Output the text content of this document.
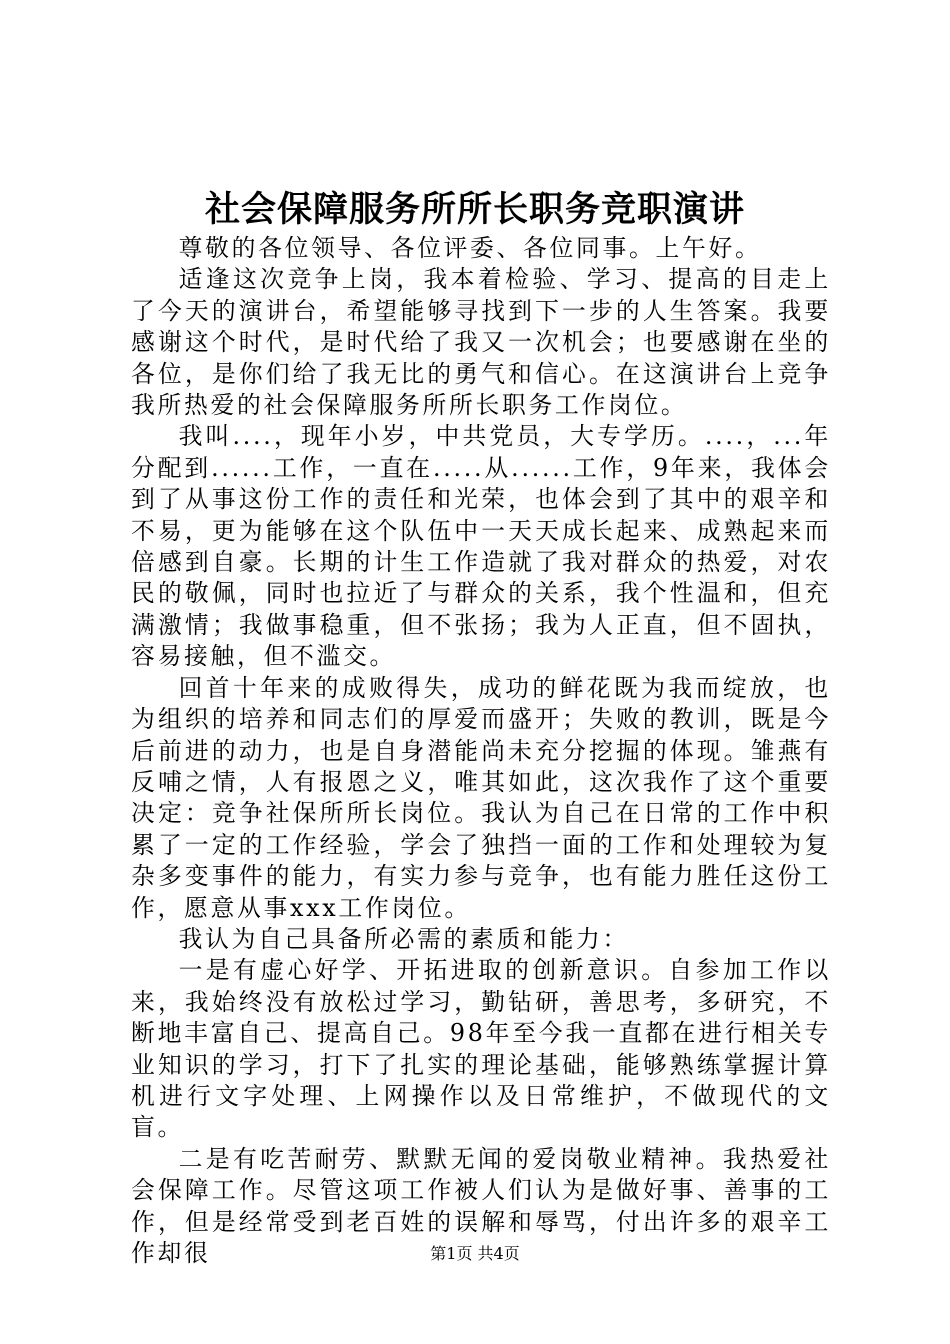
社会保障服务所所长职务竞职演讲

尊敬的各位领导、各位评委、各位同事。上午好。

适逢这次竞争上岗，我本着检验、学习、提高的目走上了今天的演讲台，希望能够寻找到下一步的人生答案。我要感谢这个时代，是时代给了我又一次机会；也要感谢在坐的各位，是你们给了我无比的勇气和信心。在这演讲台上竞争我所热爱的社会保障服务所所长职务工作岗位。

我叫....，现年小岁，中共党员，大专学历。....，...年分配到......工作，一直在.....从......工作，9年来，我体会到了从事这份工作的责任和光荣，也体会到了其中的艰辛和不易，更为能够在这个队伍中一天天成长起来、成熟起来而倍感到自豪。长期的计生工作造就了我对群众的热爱，对农民的敬佩，同时也拉近了与群众的关系，我个性温和，但充满激情；我做事稳重，但不张扬；我为人正直，但不固执，容易接触，但不滥交。

回首十年来的成败得失，成功的鲜花既为我而绽放，也为组织的培养和同志们的厚爱而盛开；失败的教训，既是今后前进的动力，也是自身潜能尚未充分挖掘的体现。雏燕有反哺之情，人有报恩之义，唯其如此，这次我作了这个重要决定：竞争社保所所长岗位。我认为自己在日常的工作中积累了一定的工作经验，学会了独挡一面的工作和处理较为复杂多变事件的能力，有实力参与竞争，也有能力胜任这份工作，愿意从事xxx工作岗位。

我认为自己具备所必需的素质和能力：

一是有虚心好学、开拓进取的创新意识。自参加工作以来，我始终没有放松过学习，勤钻研，善思考，多研究，不断地丰富自己、提高自己。98年至今我一直都在进行相关专业知识的学习，打下了扎实的理论基础，能够熟练掌握计算机进行文字处理、上网操作以及日常维护，不做现代的文盲。

二是有吃苦耐劳、默默无闻的爱岗敬业精神。我热爱社会保障工作。尽管这项工作被人们认为是做好事、善事的工作，但是经常受到老百姓的误解和辱骂，付出许多的艰辛工作却很	第1页 共4页
